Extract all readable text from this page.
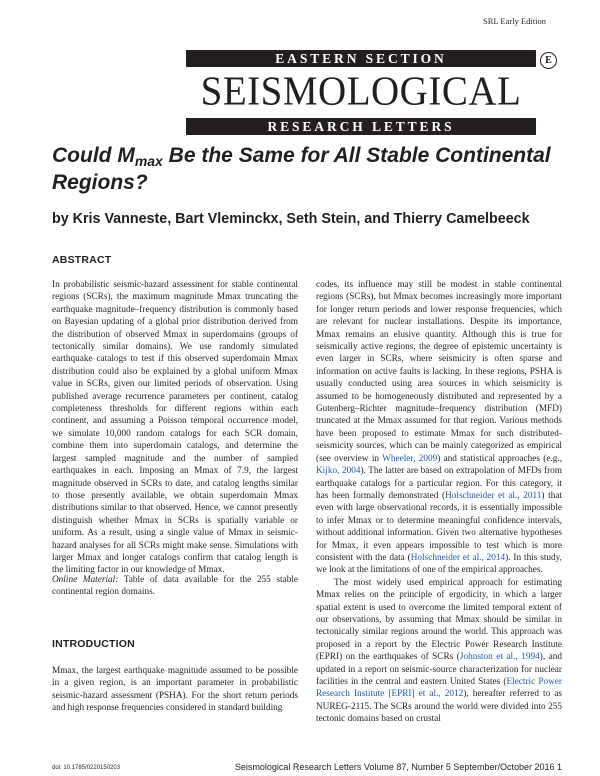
SRL Early Edition
EASTERN SECTION
SEISMOLOGICAL
RESEARCH LETTERS
E
Could $M_{max}$ Be the Same for All Stable Continental Regions?
by Kris Vanneste, Bart Vleminckx, Seth Stein, and Thierry Camelbeeck
ABSTRACT
In probabilistic seismic-hazard assessment for stable continental regions (SCRs), the maximum magnitude Mmax truncating the earthquake magnitude–frequency distribution is commonly based on Bayesian updating of a global prior distribution derived from the distribution of observed Mmax in superdomains (groups of tectonically similar domains). We use randomly simulated earthquake catalogs to test if this observed superdomain Mmax distribution could also be explained by a global uniform Mmax value in SCRs, given our limited periods of observation. Using published average recurrence parameters per continent, catalog completeness thresholds for different regions within each continent, and assuming a Poisson temporal occurrence model, we simulate 10,000 random catalogs for each SCR domain, combine them into superdomain catalogs, and determine the largest sampled magnitude and the number of sampled earthquakes in each. Imposing an Mmax of 7.9, the largest magnitude observed in SCRs to date, and catalog lengths similar to those presently available, we obtain superdomain Mmax distributions similar to that observed. Hence, we cannot presently distinguish whether Mmax in SCRs is spatially variable or uniform. As a result, using a single value of Mmax in seismic-hazard analyses for all SCRs might make sense. Simulations with larger Mmax and longer catalogs confirm that catalog length is the limiting factor in our knowledge of Mmax.
Online Material: Table of data available for the 255 stable continental region domains.
INTRODUCTION
Mmax, the largest earthquake magnitude assumed to be possible in a given region, is an important parameter in probabilistic seismic-hazard assessment (PSHA). For the short return periods and high response frequencies considered in standard building
codes, its influence may still be modest in stable continental regions (SCRs), but Mmax becomes increasingly more important for longer return periods and lower response frequencies, which are relevant for nuclear installations. Despite its importance, Mmax remains an elusive quantity. Although this is true for seismically active regions, the degree of epistemic uncertainty is even larger in SCRs, where seismicity is often sparse and information on active faults is lacking. In these regions, PSHA is usually conducted using area sources in which seismicity is assumed to be homogeneously distributed and represented by a Gutenberg–Richter magnitude–frequency distribution (MFD) truncated at the Mmax assumed for that region. Various methods have been proposed to estimate Mmax for such distributed-seismicity sources, which can be mainly categorized as empirical (see overview in Wheeler, 2009) and statistical approaches (e.g., Kijko, 2004). The latter are based on extrapolation of MFDs from earthquake catalogs for a particular region. For this category, it has been formally demonstrated (Holschneider et al., 2011) that even with large observational records, it is essentially impossible to infer Mmax or to determine meaningful confidence intervals, without additional information. Given two alternative hypotheses for Mmax, it even appears impossible to test which is more consistent with the data (Holschneider et al., 2014). In this study, we look at the limitations of one of the empirical approaches.
The most widely used empirical approach for estimating Mmax relies on the principle of ergodicity, in which a larger spatial extent is used to overcome the limited temporal extent of our observations, by assuming that Mmax should be similar in tectonically similar regions around the world. This approach was proposed in a report by the Electric Power Research Institute (EPRI) on the earthquakes of SCRs (Johnston et al., 1994), and updated in a report on seismic-source characterization for nuclear facilities in the central and eastern United States (Electric Power Research Institute [EPRI] et al., 2012), hereafter referred to as NUREG-2115. The SCRs around the world were divided into 255 tectonic domains based on crustal
doi: 10.1785/0220150203	Seismological Research Letters Volume 87, Number 5 September/October 2016 1
